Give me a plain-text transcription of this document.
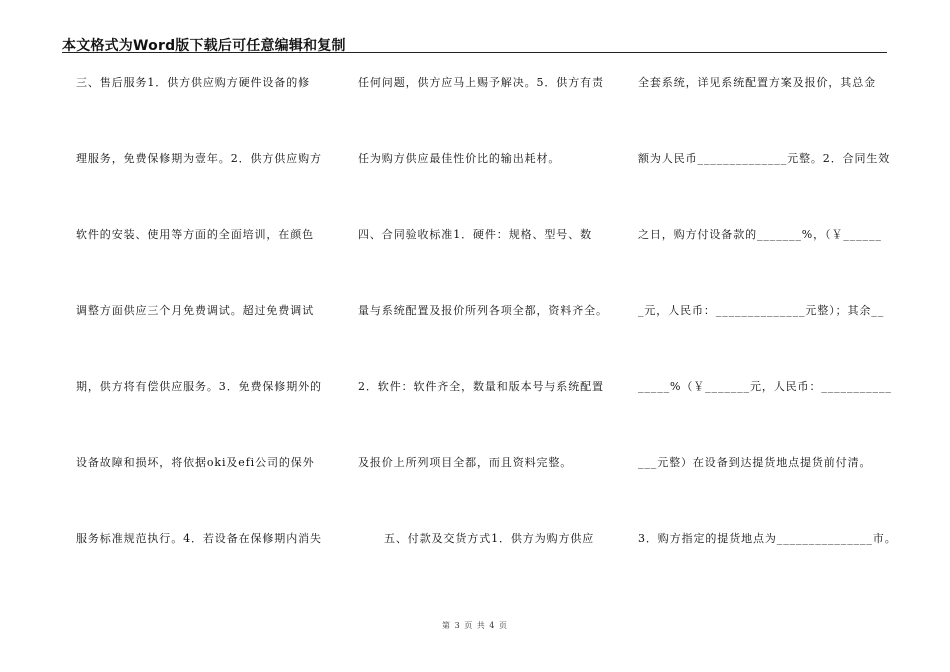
本文格式为Word版下载后可任意编辑和复制
三、售后服务1．供方供应购方硬件设备的修
理服务，免费保修期为壹年。2．供方供应购方
软件的安装、使用等方面的全面培训，在颜色
调整方面供应三个月免费调试。超过免费调试
期，供方将有偿供应服务。3．免费保修期外的
设备故障和损坏，将依据oki及efi公司的保外
服务标准规范执行。4．若设备在保修期内消失
任何问题，供方应马上赐予解决。5．供方有责
任为购方供应最佳性价比的输出耗材。
四、合同验收标准1．硬件：规格、型号、数
量与系统配置及报价所列各项全都，资料齐全。
2．软件：软件齐全，数量和版本号与系统配置
及报价上所列项目全都，而且资料完整。
五、付款及交货方式1．供方为购方供应
全套系统，详见系统配置方案及报价，其总金
额为人民币______________元整。2．合同生效
之日，购方付设备款的_______%，（￥______
_元，人民币：______________元整）；其余__
_____%（￥_______元，人民币：___________
___元整）在设备到达提货地点提货前付清。
3．购方指定的提货地点为_______________市。
第 3 页 共 4 页
